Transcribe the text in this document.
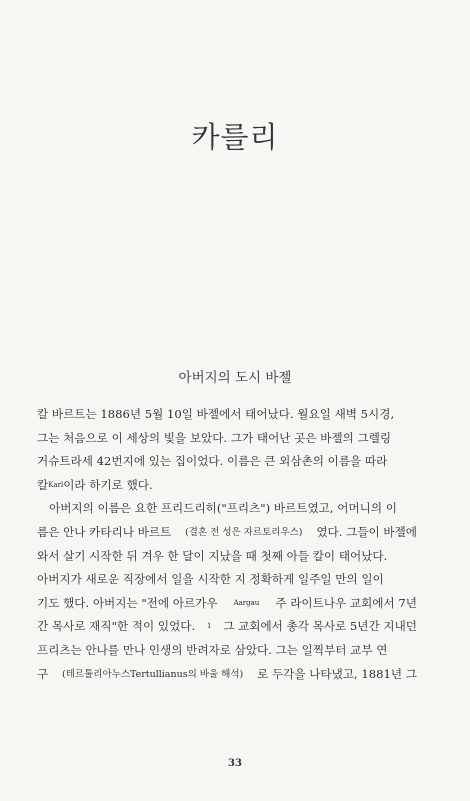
카를리
아버지의 도시 바젤
칼 바르트는 1886년 5월 10일 바젤에서 태어났다. 월요일 새벽 5시경,
그는 처음으로 이 세상의 빛을 보았다. 그가 태어난 곳은 바젤의 그렐링
거슈트라세 42번지에 있는 집이었다. 이름은 큰 외삼촌의 이름을 따라
칼 Karl 이라 하기로 했다.
아버지의 이름은 요한 프리드리히("프리츠") 바르트였고, 어머니의 이
름은 안나 카타리나 바르트 (결혼 전 성은 자르토리우스) 였다. 그들이 바젤에
와서 살기 시작한 뒤 겨우 한 달이 지났을 때 첫째 아들 칼이 태어났다.
아버지가 새로운 직장에서 일을 시작한 지 정확하게 일주일 만의 일이
기도 했다. 아버지는 "전에 아르가우 Aargau 주 라이트나우 교회에서 7년
간 목사로 재직"한 적이 있었다. 1 그 교회에서 총각 목사로 5년간 지내던
프리츠는 안나를 만나 인생의 반려자로 삼았다. 그는 일찍부터 교부 연
구 (테르툴리아누스Tertullianus의 바울 해석) 로 두각을 나타냈고, 1881년 그
33
